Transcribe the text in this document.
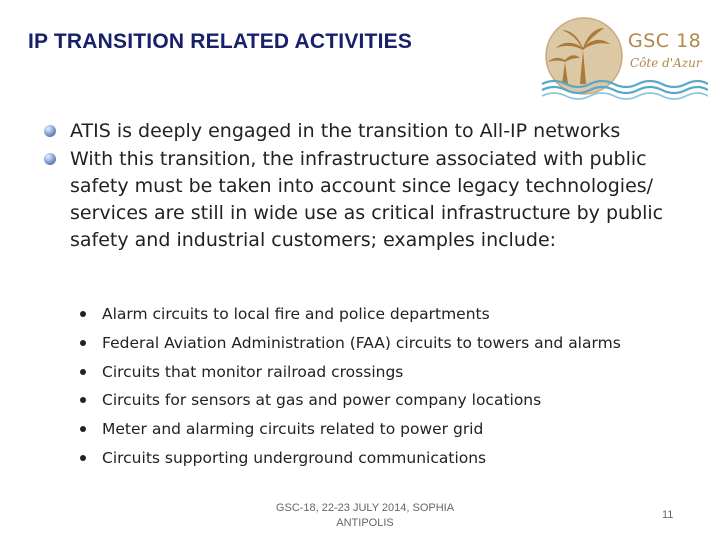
IP TRANSITION RELATED ACTIVITIES	GSC 18
Côte d'Azur
ATIS is deeply engaged in the transition to All-IP networks
With this transition, the infrastructure associated with public safety must be taken into account since legacy technologies/ services are still in wide use as critical infrastructure by public safety and industrial customers; examples include:
Alarm circuits to local fire and police departments
Federal Aviation Administration (FAA) circuits to towers and alarms
Circuits that monitor railroad crossings
Circuits for sensors at gas and power company locations
Meter and alarming circuits related to power grid
Circuits supporting underground communications
GSC-18, 22-23 JULY 2014, SOPHIA ANTIPOLIS
11
